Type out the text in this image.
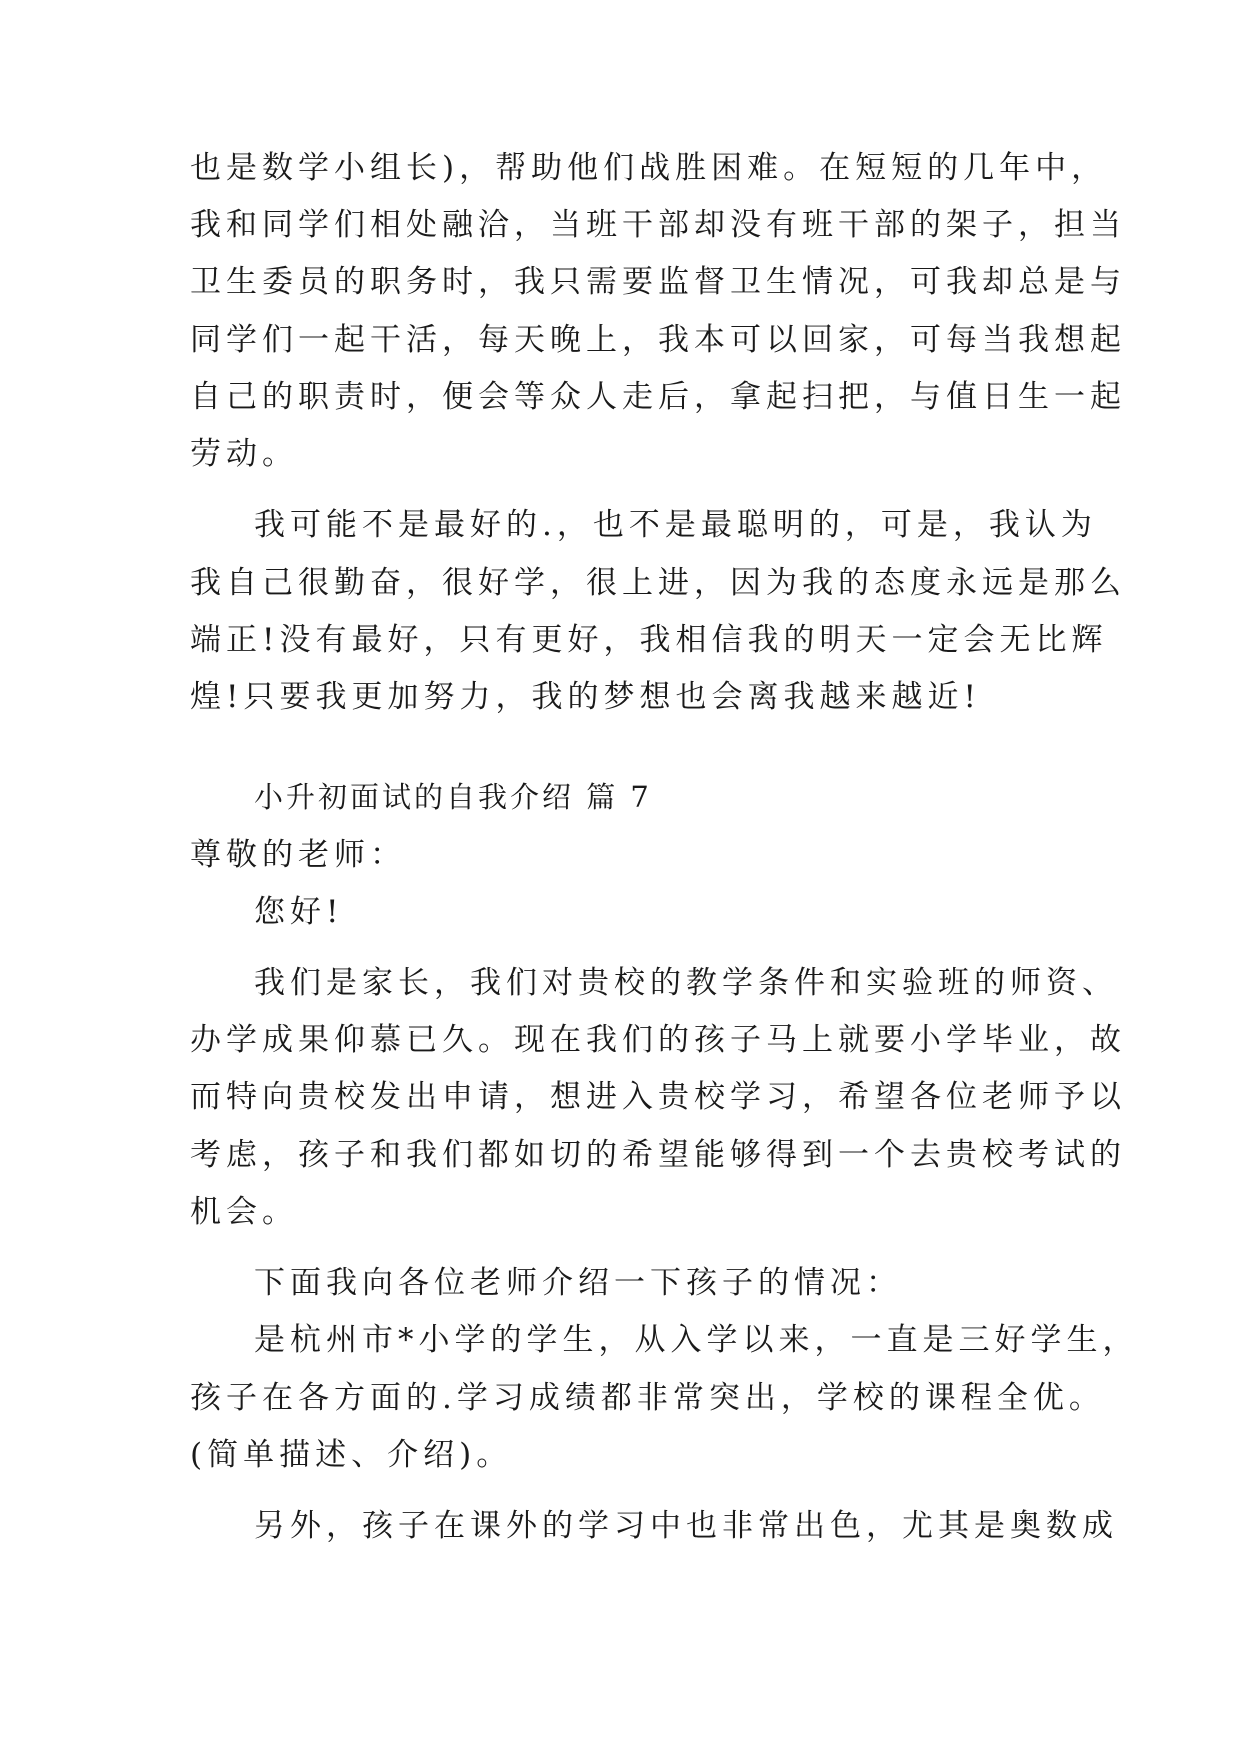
也是数学小组长)，帮助他们战胜困难。在短短的几年中，
我和同学们相处融洽，当班干部却没有班干部的架子，担当
卫生委员的职务时，我只需要监督卫生情况，可我却总是与
同学们一起干活，每天晚上，我本可以回家，可每当我想起
自己的职责时，便会等众人走后，拿起扫把，与值日生一起
劳动。
我可能不是最好的.，也不是最聪明的，可是，我认为
我自己很勤奋，很好学，很上进，因为我的态度永远是那么
端正!没有最好，只有更好，我相信我的明天一定会无比辉
煌!只要我更加努力，我的梦想也会离我越来越近!
小升初面试的自我介绍 篇 7
尊敬的老师：
您好!
我们是家长，我们对贵校的教学条件和实验班的师资、
办学成果仰慕已久。现在我们的孩子马上就要小学毕业，故
而特向贵校发出申请，想进入贵校学习，希望各位老师予以
考虑，孩子和我们都如切的希望能够得到一个去贵校考试的
机会。
下面我向各位老师介绍一下孩子的情况：
是杭州市*小学的学生，从入学以来，一直是三好学生，
孩子在各方面的.学习成绩都非常突出，学校的课程全优。
(简单描述、介绍)。
另外，孩子在课外的学习中也非常出色，尤其是奥数成
